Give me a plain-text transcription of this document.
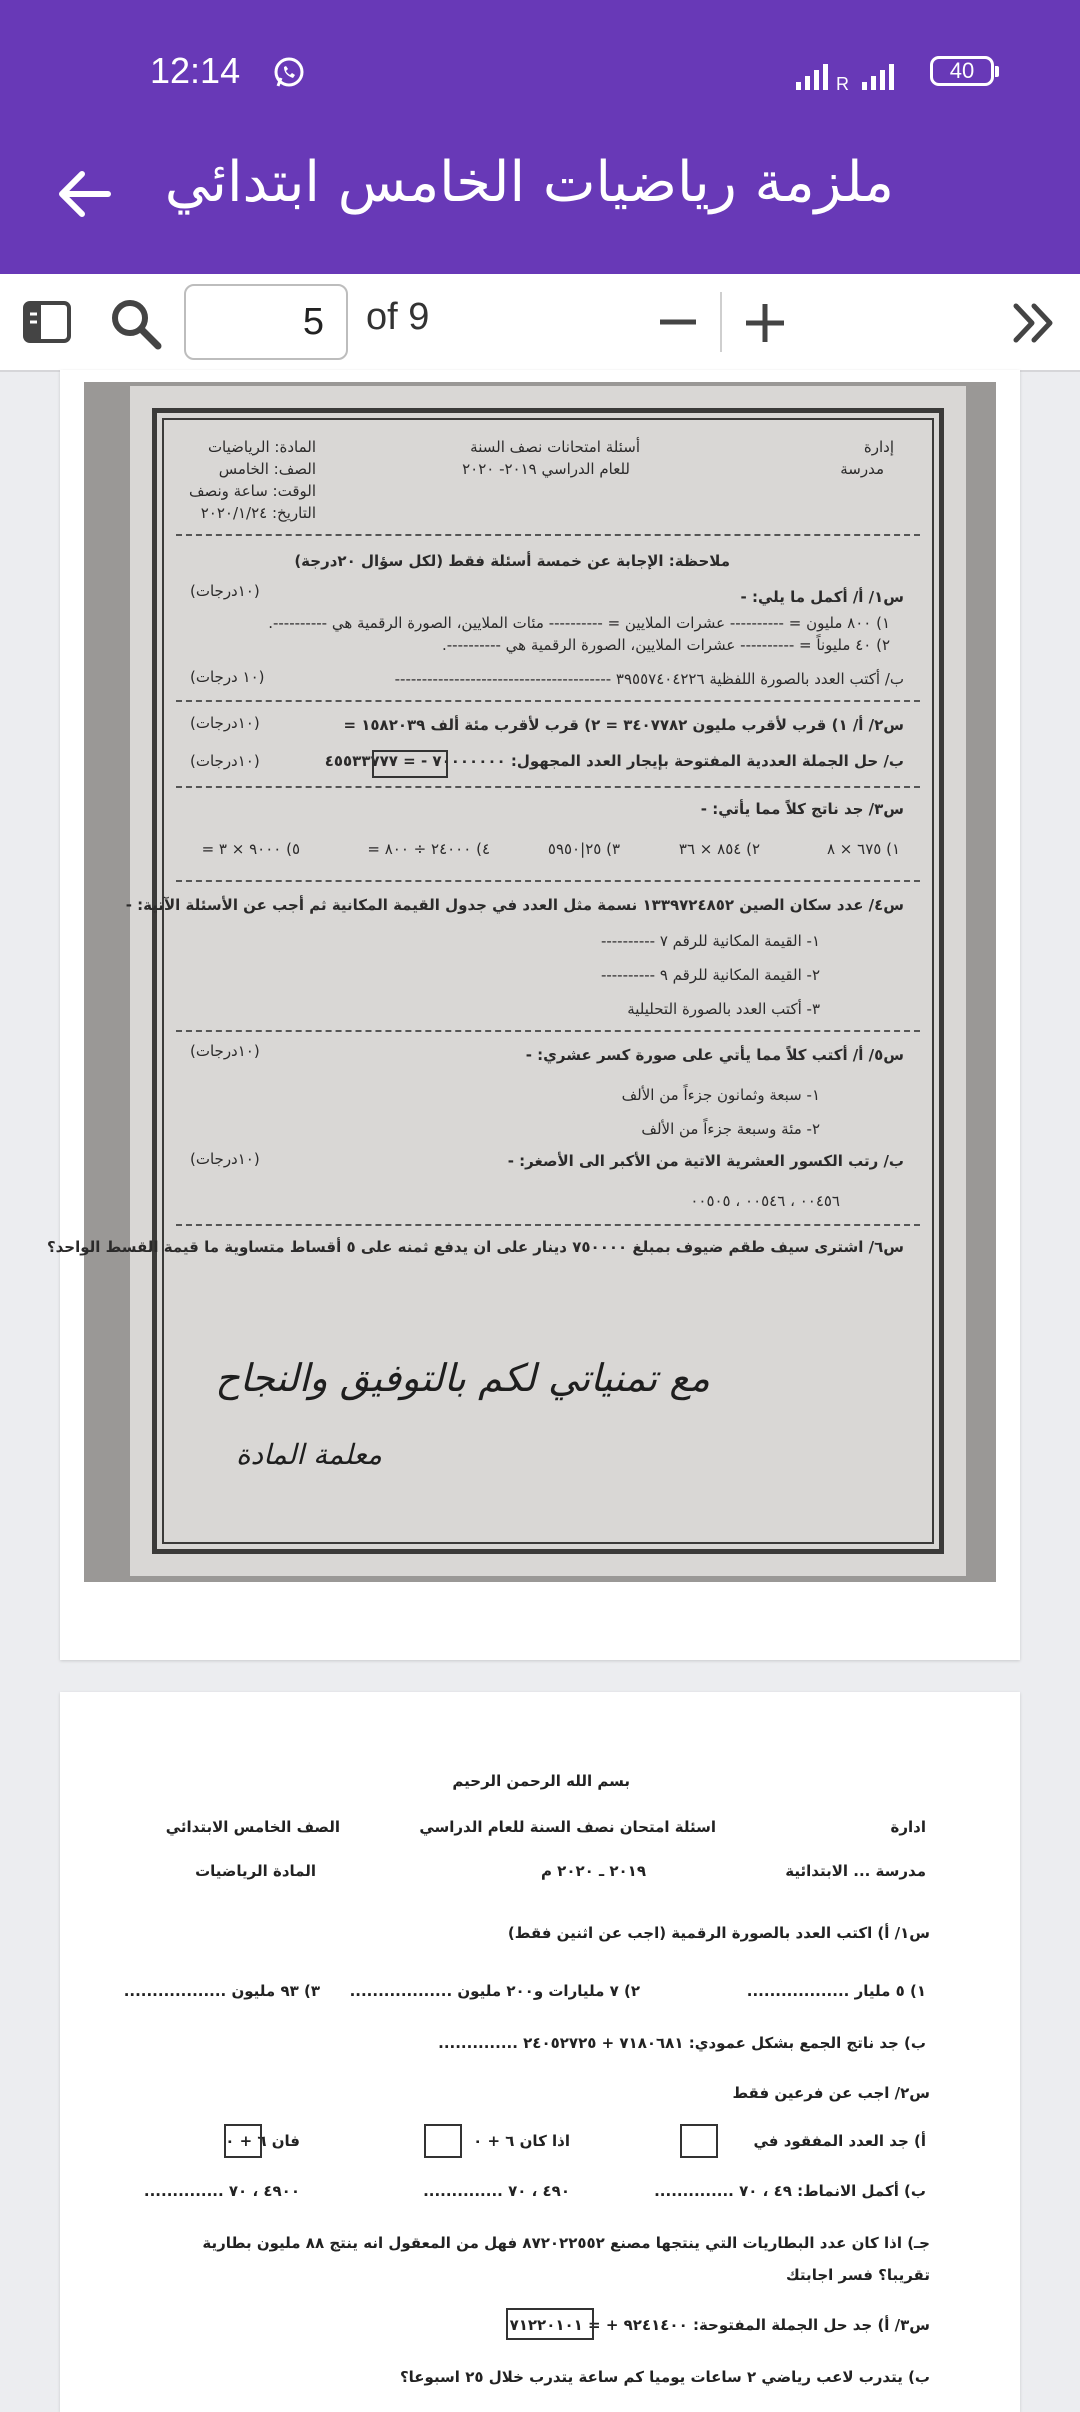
12:14	R
40
ملزمة رياضيات الخامس ابتدائي
5	of 9
إدارة
مدرسة
أسئلة امتحانات نصف السنة
للعام الدراسي ٢٠١٩- ٢٠٢٠
المادة: الرياضيات
الصف: الخامس
الوقت: ساعة ونصف
التاريخ: ٢٠٢٠/١/٢٤
ملاحظة: الإجابة عن خمسة أسئلة فقط (لكل سؤال ٢٠درجة)
س١/ أ/ أكمل ما يلي: -
(١٠درجات)
١) ٨٠٠ مليون = ---------- عشرات الملايين = ---------- مئات الملايين، الصورة الرقمية هي ----------.
٢) ٤٠ مليوناً = ---------- عشرات الملايين، الصورة الرقمية هي ----------.
ب/ أكتب العدد بالصورة اللفظية ٣٩٥٥٧٤٠٤٢٢٦ ----------------------------------------
(١٠ درجات)
س٢/ أ/ ١) قرب لأقرب مليون ٣٤٠٧٧٨٢ = ٢) قرب لأقرب مئة ألف ١٥٨٢٠٣٩ =
(١٠درجات)
ب/ حل الجملة العددية المفتوحة بإيجار العدد المجهول: ٧٠٠٠٠٠٠٠ - = ٤٥٥٣٣٧٧٧
(١٠درجات)
س٣/ جد ناتج كلاً مما يأتي: -
١) ٦٧٥ × ٨
٢) ٨٥٤ × ٣٦
٣) ٢٥|٥٩٥٠
٤) ٢٤٠٠٠ ÷ ٨٠٠ =
٥) ٩٠٠٠ × ٣ =
س٤/ عدد سكان الصين ١٣٣٩٧٢٤٨٥٢ نسمة مثل العدد في جدول القيمة المكانية ثم أجب عن الأسئلة الآتية: -
١- القيمة المكانية للرقم ٧ ----------
٢- القيمة المكانية للرقم ٩ ----------
٣- أكتب العدد بالصورة التحليلية
س٥/ أ/ أكتب كلاً مما يأتي على صورة كسر عشري: -
(١٠درجات)
١- سبعة وثمانون جزءاً من الألف
٢- مئة وسبعة جزءاً من الألف
ب/ رتب الكسور العشرية الاتية من الأكبر الى الأصغر: -
(١٠درجات)
٠٠٤٥٦ ، ٠٠٥٤٦ ، ٠٠٥٠٥
س٦/ اشترى سيف طقم ضيوف بمبلغ ٧٥٠٠٠٠ دينار على ان يدفع ثمنه على ٥ أقساط متساوية ما قيمة القسط الواحد؟
مع تمنياتي لكم بالتوفيق والنجاح
معلمة المادة
بسم الله الرحمن الرحيم
ادارة
مدرسة ... الابتدائية
اسئلة امتحان نصف السنة للعام الدراسي
٢٠١٩ ـ ٢٠٢٠ م
الصف الخامس الابتدائي
المادة الرياضيات
س١/ أ) اكتب العدد بالصورة الرقمية (اجب عن اثنين فقط)
١) ٥ مليار ..................
٢) ٧ مليارات و٢٠٠ مليون ..................
٣) ٩٣ مليون ..................
ب) جد ناتج الجمع بشكل عمودي: ٧١٨٠٦٨١ + ٢٤٠٥٢٧٢٥ ..............
س٢/ اجب عن فرعين فقط
أ) جد العدد المفقود في
اذا كان ٦ + ٠
فان ٦ + ٠
ب) أكمل الانماط: ٤٩ ، ٧٠ ..............
٤٩٠ ، ٧٠ ..............
٤٩٠٠ ، ٧٠ ..............
جـ) اذا كان عدد البطاريات التي ينتجها مصنع ٨٧٢٠٢٢٥٥٢ فهل من المعقول انه ينتج ٨٨ مليون بطارية
تقريبا؟ فسر اجابتك
س٣/ أ) جد حل الجملة المفتوحة: ٩٢٤١٤٠٠ + = ٧١٢٢٠١٠١
ب) يتدرب لاعب رياضي ٢ ساعات يوميا كم ساعة يتدرب خلال ٢٥ اسبوعا؟
